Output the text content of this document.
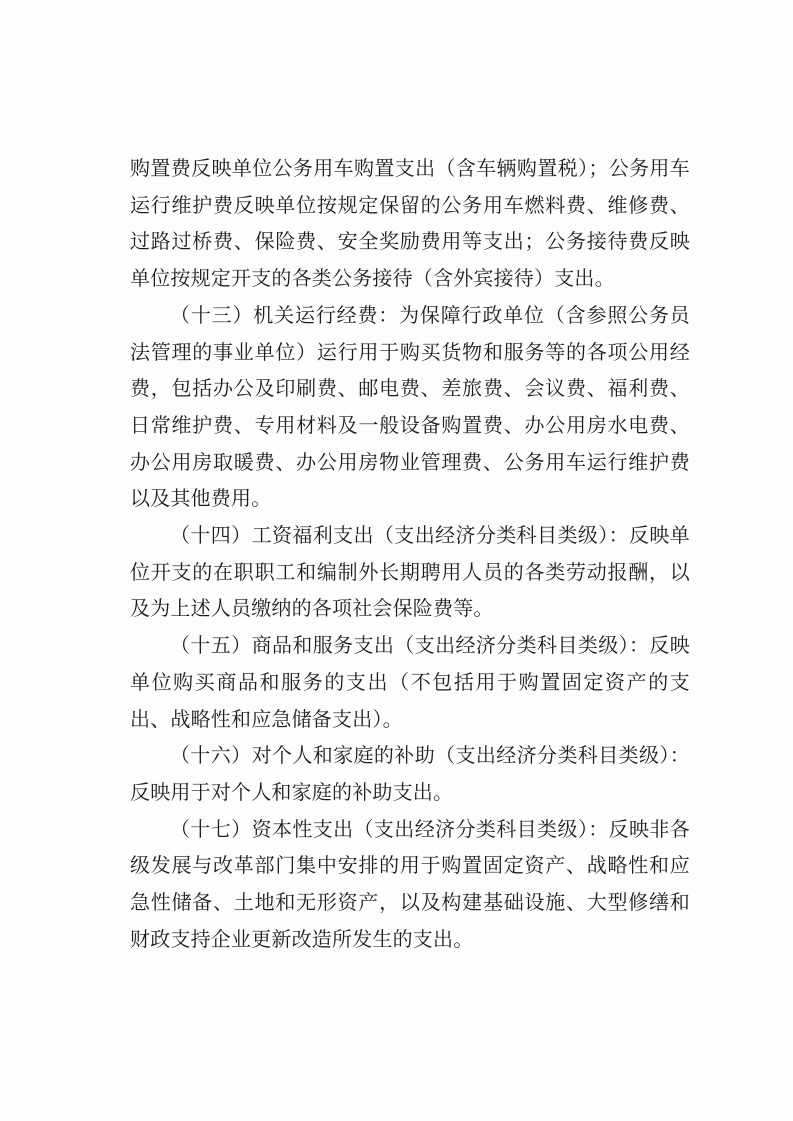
购置费反映单位公务用车购置支出（含车辆购置税）；公务用车运行维护费反映单位按规定保留的公务用车燃料费、维修费、过路过桥费、保险费、安全奖励费用等支出；公务接待费反映单位按规定开支的各类公务接待（含外宾接待）支出。

（十三）机关运行经费：为保障行政单位（含参照公务员法管理的事业单位）运行用于购买货物和服务等的各项公用经费，包括办公及印刷费、邮电费、差旅费、会议费、福利费、日常维护费、专用材料及一般设备购置费、办公用房水电费、办公用房取暖费、办公用房物业管理费、公务用车运行维护费以及其他费用。

（十四）工资福利支出（支出经济分类科目类级）：反映单位开支的在职职工和编制外长期聘用人员的各类劳动报酬，以及为上述人员缴纳的各项社会保险费等。

（十五）商品和服务支出（支出经济分类科目类级）：反映单位购买商品和服务的支出（不包括用于购置固定资产的支出、战略性和应急储备支出）。

（十六）对个人和家庭的补助（支出经济分类科目类级）：反映用于对个人和家庭的补助支出。

（十七）资本性支出（支出经济分类科目类级）：反映非各级发展与改革部门集中安排的用于购置固定资产、战略性和应急性储备、土地和无形资产，以及构建基础设施、大型修缮和财政支持企业更新改造所发生的支出。
